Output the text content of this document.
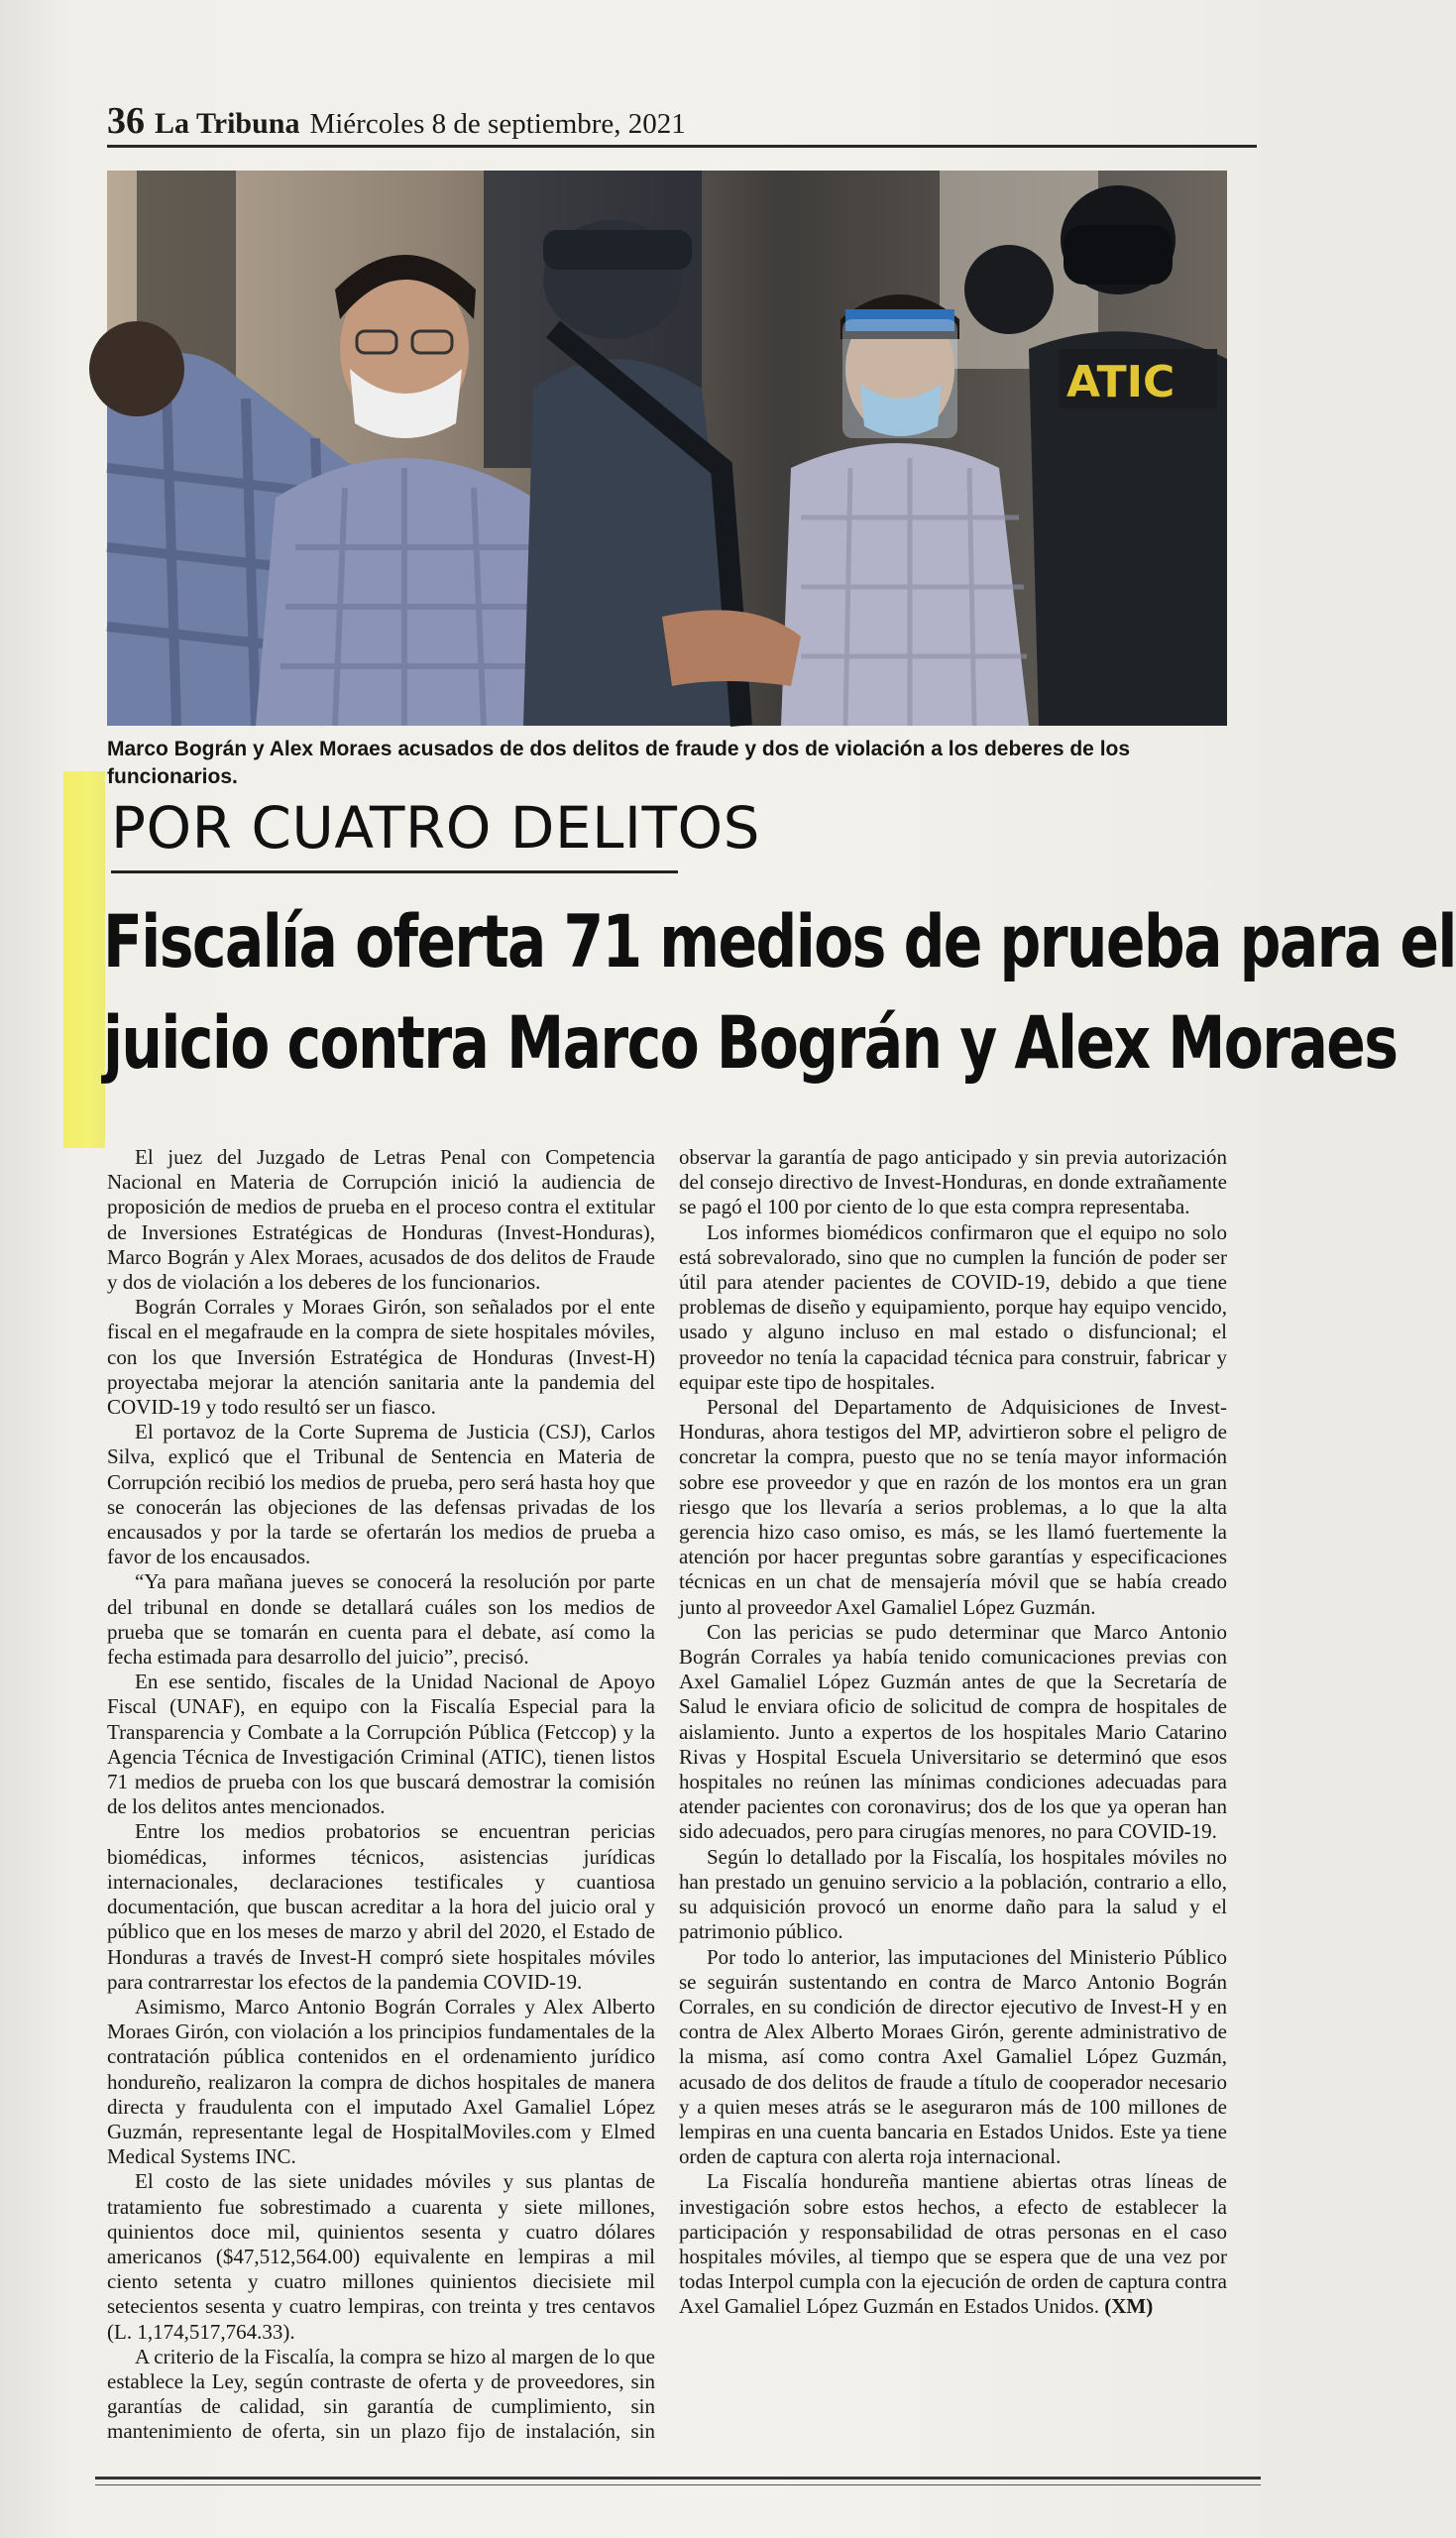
36 La Tribuna Miércoles 8 de septiembre, 2021
ATIC
Marco Bográn y Alex Moraes acusados de dos delitos de fraude y dos de violación a los deberes de los funcionarios.
POR CUATRO DELITOS
Fiscalía oferta 71 medios de prueba para el
juicio contra Marco Bográn y Alex Moraes

El juez del Juzgado de Letras Penal con Competencia Nacional en Materia de Corrupción inició la audiencia de proposición de medios de prueba en el proceso contra el extitular de Inversiones Estratégicas de Honduras (Invest-Honduras), Marco Bográn y Alex Moraes, acusados de dos delitos de Fraude y dos de violación a los deberes de los funcionarios.

Bográn Corrales y Moraes Girón, son señalados por el ente fiscal en el megafraude en la compra de siete hospitales móviles, con los que Inversión Estratégica de Honduras (Invest-H) proyectaba mejorar la atención sanitaria ante la pandemia del COVID-19 y todo resultó ser un fiasco.

El portavoz de la Corte Suprema de Justicia (CSJ), Carlos Silva, explicó que el Tribunal de Sentencia en Materia de Corrupción recibió los medios de prueba, pero será hasta hoy que se conocerán las objeciones de las defensas privadas de los encausados y por la tarde se ofertarán los medios de prueba a favor de los encausados.

“Ya para mañana jueves se conocerá la resolución por parte del tribunal en donde se detallará cuáles son los medios de prueba que se tomarán en cuenta para el debate, así como la fecha estimada para desarrollo del juicio”, precisó.

En ese sentido, fiscales de la Unidad Nacional de Apoyo Fiscal (UNAF), en equipo con la Fiscalía Especial para la Transparencia y Combate a la Corrupción Pública (Fetccop) y la Agencia Técnica de Investigación Criminal (ATIC), tienen listos 71 medios de prueba con los que buscará demostrar la comisión de los delitos antes mencionados.

Entre los medios probatorios se encuentran pericias biomédicas, informes técnicos, asistencias jurídicas internacionales, declaraciones testificales y cuantiosa documentación, que buscan acreditar a la hora del juicio oral y público que en los meses de marzo y abril del 2020, el Estado de Honduras a través de Invest-H compró siete hospitales móviles para contrarrestar los efectos de la pandemia COVID-19.

Asimismo, Marco Antonio Bográn Corrales y Alex Alberto Moraes Girón, con violación a los principios fundamentales de la contratación pública contenidos en el ordenamiento jurídico hondureño, realizaron la compra de dichos hospitales de manera directa y fraudulenta con el imputado Axel Gamaliel López Guzmán, representante legal de HospitalMoviles.com y Elmed Medical Systems INC.

El costo de las siete unidades móviles y sus plantas de tratamiento fue sobrestimado a cuarenta y siete millones, quinientos doce mil, quinientos sesenta y cuatro dólares americanos ($47,512,564.00) equivalente en lempiras a mil ciento setenta y cuatro millones quinientos diecisiete mil setecientos sesenta y cuatro lempiras, con treinta y tres centavos (L. 1,174,517,764.33).

A criterio de la Fiscalía, la compra se hizo al margen de lo que establece la Ley, según contraste de oferta y de proveedores, sin garantías de calidad, sin garantía de cumplimiento, sin mantenimiento de oferta, sin un plazo fijo de instalación, sin observar la garantía de pago anticipado y sin previa autorización del consejo directivo de Invest-Honduras, en donde extrañamente se pagó el 100 por ciento de lo que esta compra representaba.

Los informes biomédicos confirmaron que el equipo no solo está sobrevalorado, sino que no cumplen la función de poder ser útil para atender pacientes de COVID-19, debido a que tiene problemas de diseño y equipamiento, porque hay equipo vencido, usado y alguno incluso en mal estado o disfuncional; el proveedor no tenía la capacidad técnica para construir, fabricar y equipar este tipo de hospitales.

Personal del Departamento de Adquisiciones de Invest-Honduras, ahora testigos del MP, advirtieron sobre el peligro de concretar la compra, puesto que no se tenía mayor información sobre ese proveedor y que en razón de los montos era un gran riesgo que los llevaría a serios problemas, a lo que la alta gerencia hizo caso omiso, es más, se les llamó fuertemente la atención por hacer preguntas sobre garantías y especificaciones técnicas en un chat de mensajería móvil que se había creado junto al proveedor Axel Gamaliel López Guzmán.

Con las pericias se pudo determinar que Marco Antonio Bográn Corrales ya había tenido comunicaciones previas con Axel Gamaliel López Guzmán antes de que la Secretaría de Salud le enviara oficio de solicitud de compra de hospitales de aislamiento. Junto a expertos de los hospitales Mario Catarino Rivas y Hospital Escuela Universitario se determinó que esos hospitales no reúnen las mínimas condiciones adecuadas para atender pacientes con coronavirus; dos de los que ya operan han sido adecuados, pero para cirugías menores, no para COVID-19.

Según lo detallado por la Fiscalía, los hospitales móviles no han prestado un genuino servicio a la población, contrario a ello, su adquisición provocó un enorme daño para la salud y el patrimonio público.

Por todo lo anterior, las imputaciones del Ministerio Público se seguirán sustentando en contra de Marco Antonio Bográn Corrales, en su condición de director ejecutivo de Invest-H y en contra de Alex Alberto Moraes Girón, gerente administrativo de la misma, así como contra Axel Gamaliel López Guzmán, acusado de dos delitos de fraude a título de cooperador necesario y a quien meses atrás se le aseguraron más de 100 millones de lempiras en una cuenta bancaria en Estados Unidos. Este ya tiene orden de captura con alerta roja internacional.

La Fiscalía hondureña mantiene abiertas otras líneas de investigación sobre estos hechos, a efecto de establecer la participación y responsabilidad de otras personas en el caso hospitales móviles, al tiempo que se espera que de una vez por todas Interpol cumpla con la ejecución de orden de captura contra Axel Gamaliel López Guzmán en Estados Unidos. (XM)
